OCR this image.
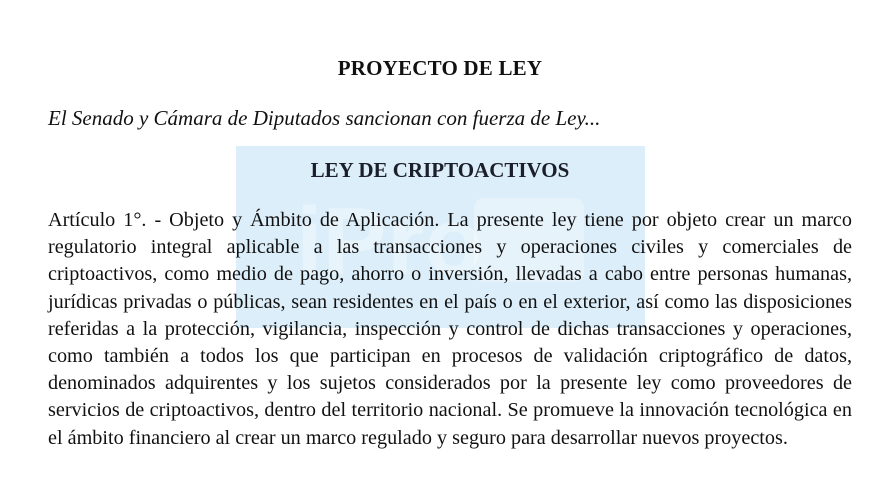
iPro
PROYECTO DE LEY
El Senado y Cámara de Diputados sancionan con fuerza de Ley...
LEY DE CRIPTOACTIVOS
Artículo 1°. - Objeto y Ámbito de Aplicación. La presente ley tiene por objeto crear un marco regulatorio integral aplicable a las transacciones y operaciones civiles y comerciales de criptoactivos, como medio de pago, ahorro o inversión, llevadas a cabo entre personas humanas, jurídicas privadas o públicas, sean residentes en el país o en el exterior, así como las disposiciones referidas a la protección, vigilancia, inspección y control de dichas transacciones y operaciones, como también a todos los que participan en procesos de validación criptográfico de datos, denominados adquirentes y los sujetos considerados por la presente ley como proveedores de servicios de criptoactivos, dentro del territorio nacional. Se promueve la innovación tecnológica en el ámbito financiero al crear un marco regulado y seguro para desarrollar nuevos proyectos.
